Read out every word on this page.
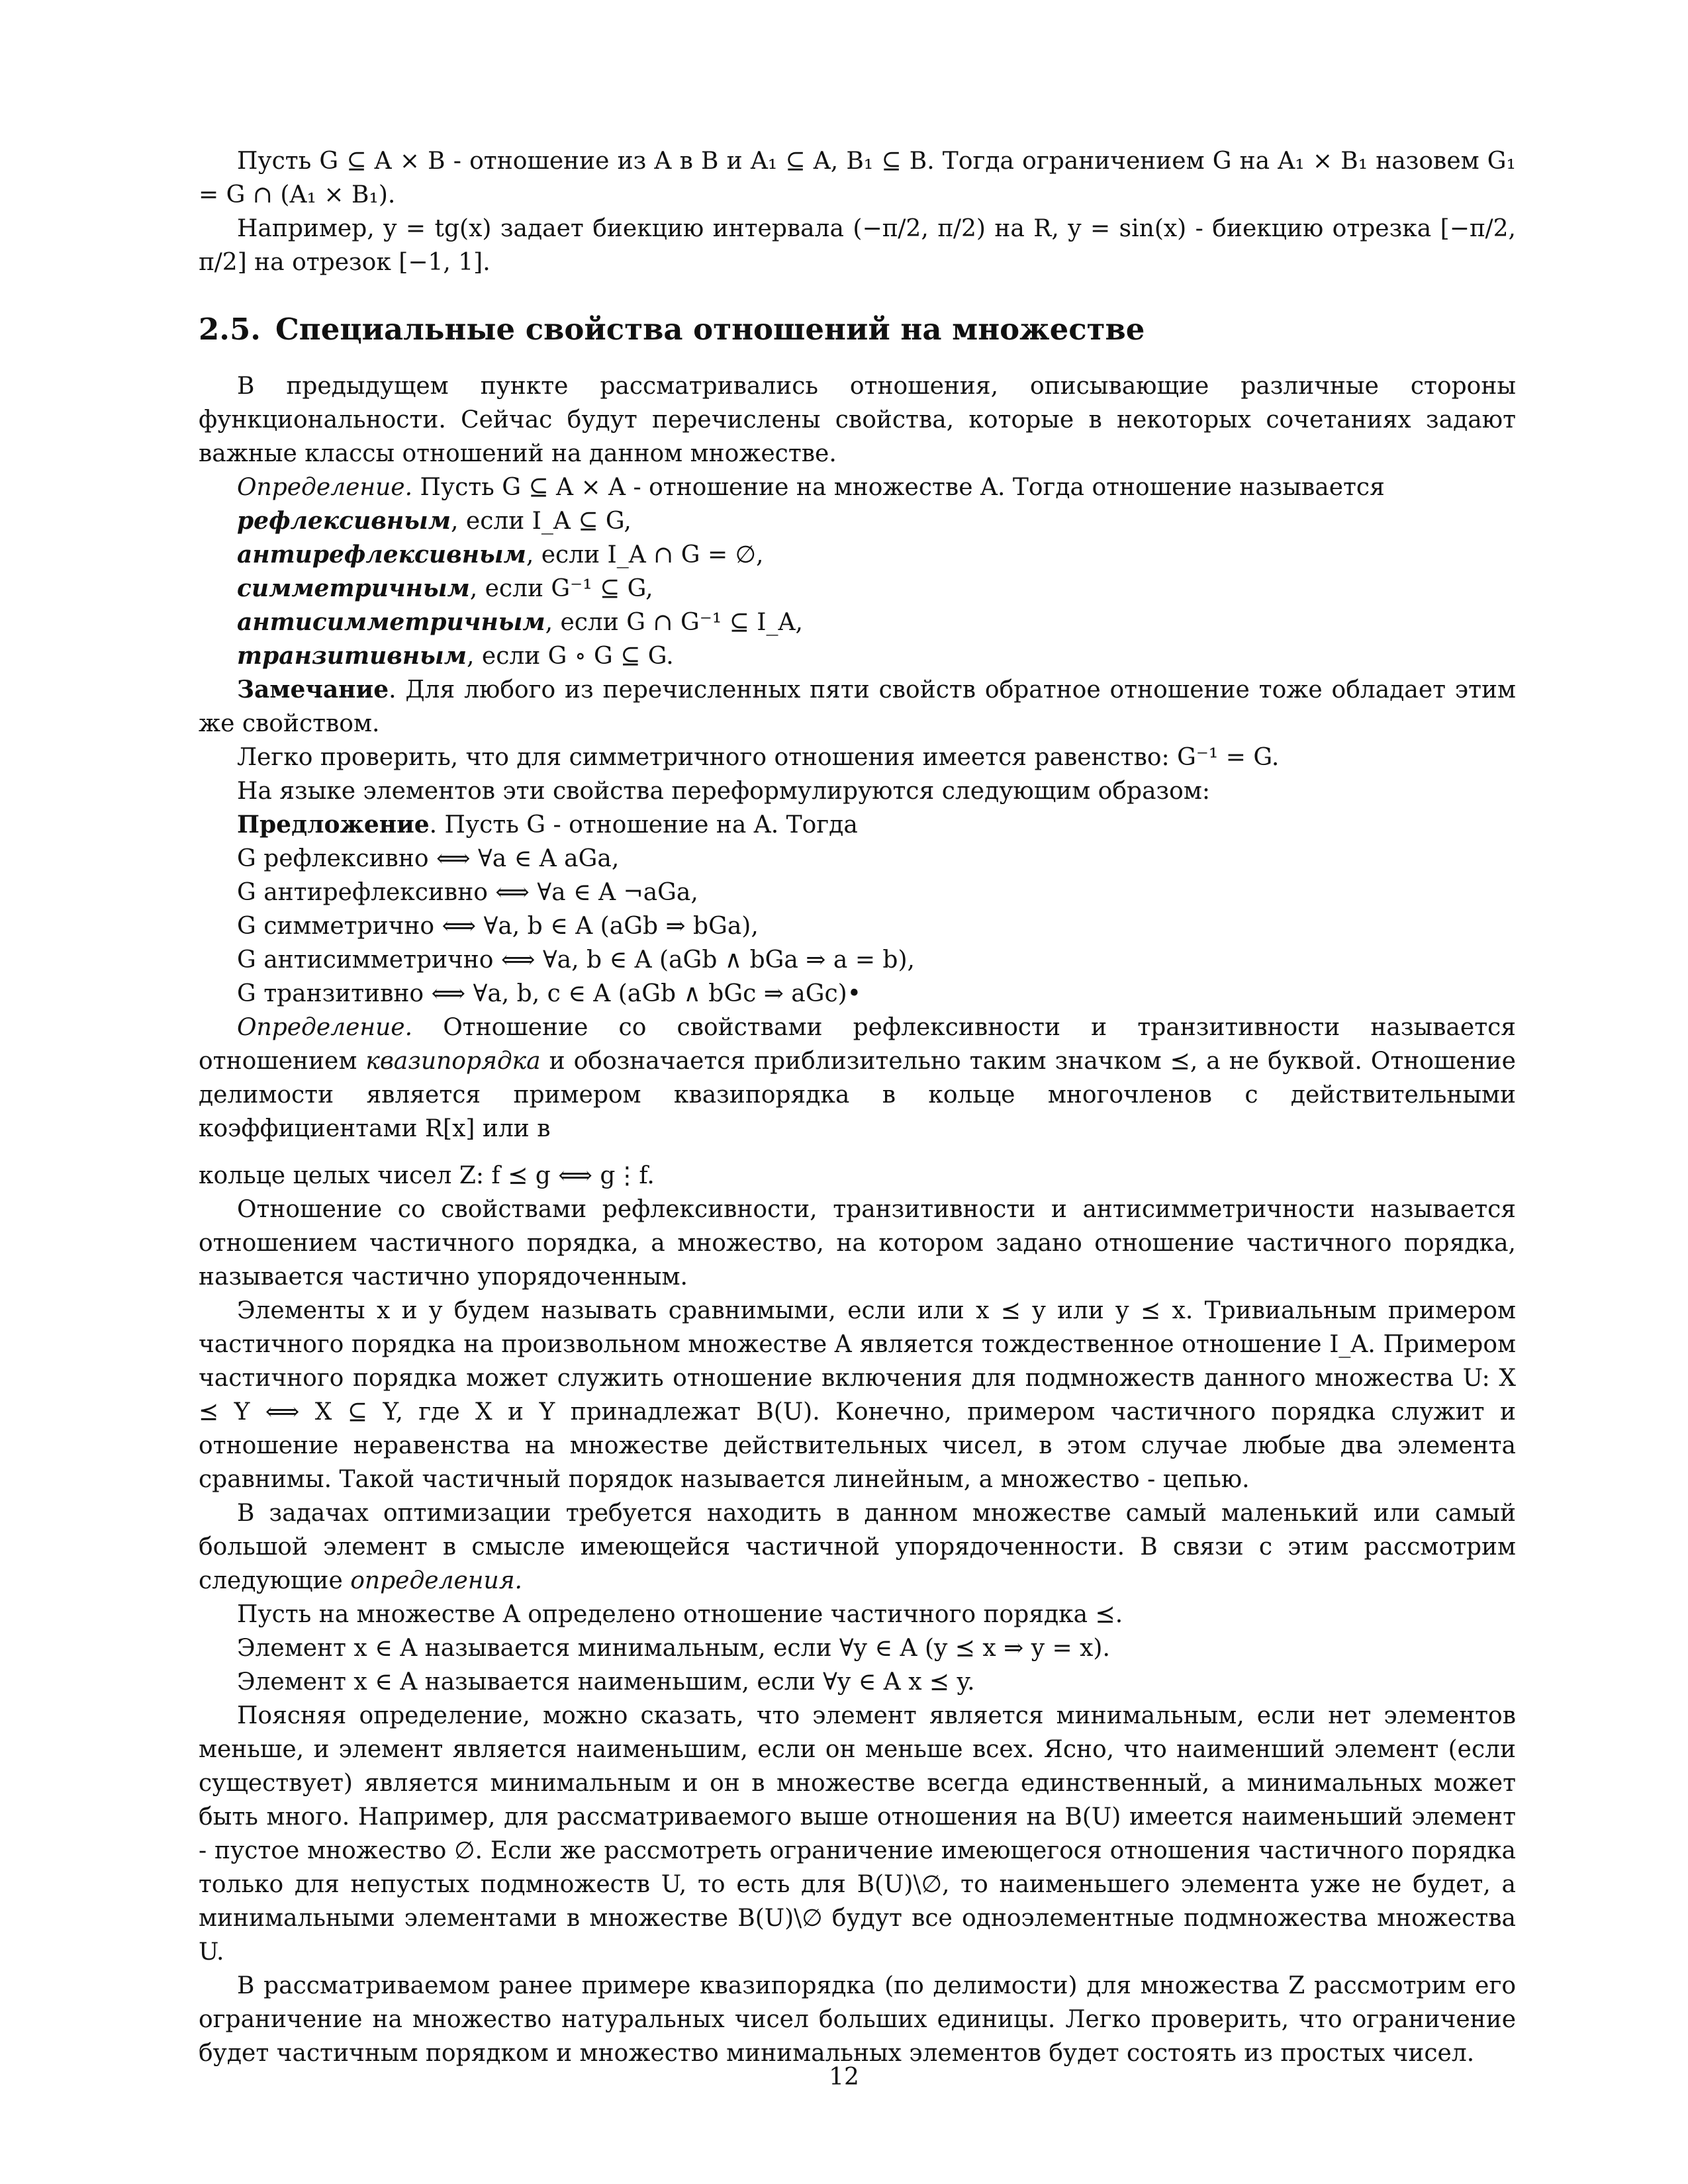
Пусть G ⊆ A × B - отношение из A в B и A₁ ⊆ A, B₁ ⊆ B. Тогда ограничением G на A₁ × B₁ назовем G₁ = G ∩ (A₁ × B₁).

Например, y = tg(x) задает биекцию интервала (−π/2, π/2) на R, y = sin(x) - биекцию отрезка [−π/2, π/2] на отрезок [−1, 1].

2.5. Специальные свойства отношений на множестве

В предыдущем пункте рассматривались отношения, описывающие различные стороны функциональности. Сейчас будут перечислены свойства, которые в некоторых сочетаниях задают важные классы отношений на данном множестве.

Определение. Пусть G ⊆ A × A - отношение на множестве A. Тогда отношение называется

рефлексивным, если I_A ⊆ G,

антирефлексивным, если I_A ∩ G = ∅,

симметричным, если G⁻¹ ⊆ G,

антисимметричным, если G ∩ G⁻¹ ⊆ I_A,

транзитивным, если G ∘ G ⊆ G.

Замечание. Для любого из перечисленных пяти свойств обратное отношение тоже обладает этим же свойством.

Легко проверить, что для симметричного отношения имеется равенство: G⁻¹ = G.

На языке элементов эти свойства переформулируются следующим образом:

Предложение. Пусть G - отношение на A. Тогда

G рефлексивно ⟺ ∀a ∈ A aGa,

G антирефлексивно ⟺ ∀a ∈ A ¬aGa,

G симметрично ⟺ ∀a, b ∈ A (aGb ⇒ bGa),

G антисимметрично ⟺ ∀a, b ∈ A (aGb ∧ bGa ⇒ a = b),

G транзитивно ⟺ ∀a, b, c ∈ A (aGb ∧ bGc ⇒ aGc)•

Определение. Отношение со свойствами рефлексивности и транзитивности называется отношением квазипорядка и обозначается приблизительно таким значком ⪯, а не буквой. Отношение делимости является примером квазипорядка в кольце многочленов с действительными коэффициентами R[x] или в

кольце целых чисел Z: f ⪯ g ⟺ g⋮f.

Отношение со свойствами рефлексивности, транзитивности и антисимметричности называется отношением частичного порядка, а множество, на котором задано отношение частичного порядка, называется частично упорядоченным.

Элементы x и y будем называть сравнимыми, если или x ⪯ y или y ⪯ x. Тривиальным примером частичного порядка на произвольном множестве A является тождественное отношение I_A. Примером частичного порядка может служить отношение включения для подмножеств данного множества U: X ⪯ Y ⟺ X ⊆ Y, где X и Y принадлежат B(U). Конечно, примером частичного порядка служит и отношение неравенства на множестве действительных чисел, в этом случае любые два элемента сравнимы. Такой частичный порядок называется линейным, а множество - цепью.

В задачах оптимизации требуется находить в данном множестве самый маленький или самый большой элемент в смысле имеющейся частичной упорядоченности. В связи с этим рассмотрим следующие определения.

Пусть на множестве A определено отношение частичного порядка ⪯.

Элемент x ∈ A называется минимальным, если ∀y ∈ A (y ⪯ x ⇒ y = x).

Элемент x ∈ A называется наименьшим, если ∀y ∈ A x ⪯ y.

Поясняя определение, можно сказать, что элемент является минимальным, если нет элементов меньше, и элемент является наименьшим, если он меньше всех. Ясно, что наименший элемент (если существует) является минимальным и он в множестве всегда единственный, а минимальных может быть много. Например, для рассматриваемого выше отношения на B(U) имеется наименьший элемент - пустое множество ∅. Если же рассмотреть ограничение имеющегося отношения частичного порядка только для непустых подмножеств U, то есть для B(U)\∅, то наименьшего элемента уже не будет, а минимальными элементами в множестве B(U)\∅ будут все одноэлементные подмножества множества U.

В рассматриваемом ранее примере квазипорядка (по делимости) для множества Z рассмотрим его ограничение на множество натуральных чисел больших единицы. Легко проверить, что ограничение будет частичным порядком и множество минимальных элементов будет состоять из простых чисел.

12
